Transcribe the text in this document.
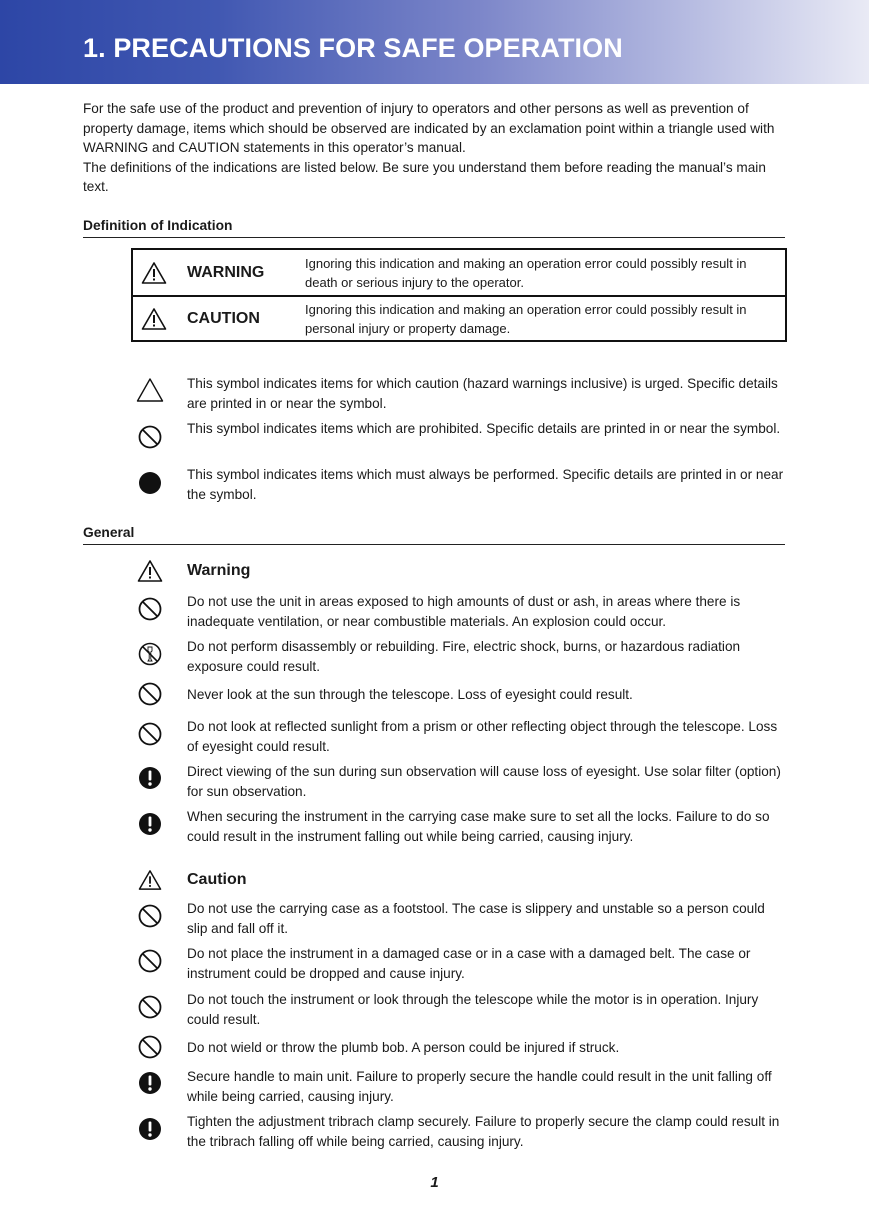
1. PRECAUTIONS FOR SAFE OPERATION

For the safe use of the product and prevention of injury to operators and other persons as well as prevention of property damage, items which should be observed are indicated by an exclamation point within a triangle used with WARNING and CAUTION statements in this operator’s manual.

The definitions of the indications are listed below. Be sure you understand them before reading the manual’s main text.

Definition of Indication
WARNING
Ignoring this indication and making an operation error could possibly result in death or serious injury to the operator.
CAUTION
Ignoring this indication and making an operation error could possibly result in personal injury or property damage.
This symbol indicates items for which caution (hazard warnings inclusive) is urged. Specific details are printed in or near the symbol.
This symbol indicates items which are prohibited. Specific details are printed in or near the symbol.
This symbol indicates items which must always be performed. Specific details are printed in or near the symbol.
General
Warning
Do not use the unit in areas exposed to high amounts of dust or ash, in areas where there is inadequate ventilation, or near combustible materials. An explosion could occur.
Do not perform disassembly or rebuilding. Fire, electric shock, burns, or hazardous radiation exposure could result.
Never look at the sun through the telescope. Loss of eyesight could result.
Do not look at reflected sunlight from a prism or other reflecting object through the telescope. Loss of eyesight could result.
Direct viewing of the sun during sun observation will cause loss of eyesight. Use solar filter (option) for sun observation.
When securing the instrument in the carrying case make sure to set all the locks. Failure to do so could result in the instrument falling out while being carried, causing injury.
Caution
Do not use the carrying case as a footstool. The case is slippery and unstable so a person could slip and fall off it.
Do not place the instrument in a damaged case or in a case with a damaged belt. The case or instrument could be dropped and cause injury.
Do not touch the instrument or look through the telescope while the motor is in operation. Injury could result.
Do not wield or throw the plumb bob. A person could be injured if struck.
Secure handle to main unit. Failure to properly secure the handle could result in the unit falling off while being carried, causing injury.
Tighten the adjustment tribrach clamp securely. Failure to properly secure the clamp could result in the tribrach falling off while being carried, causing injury.
1
